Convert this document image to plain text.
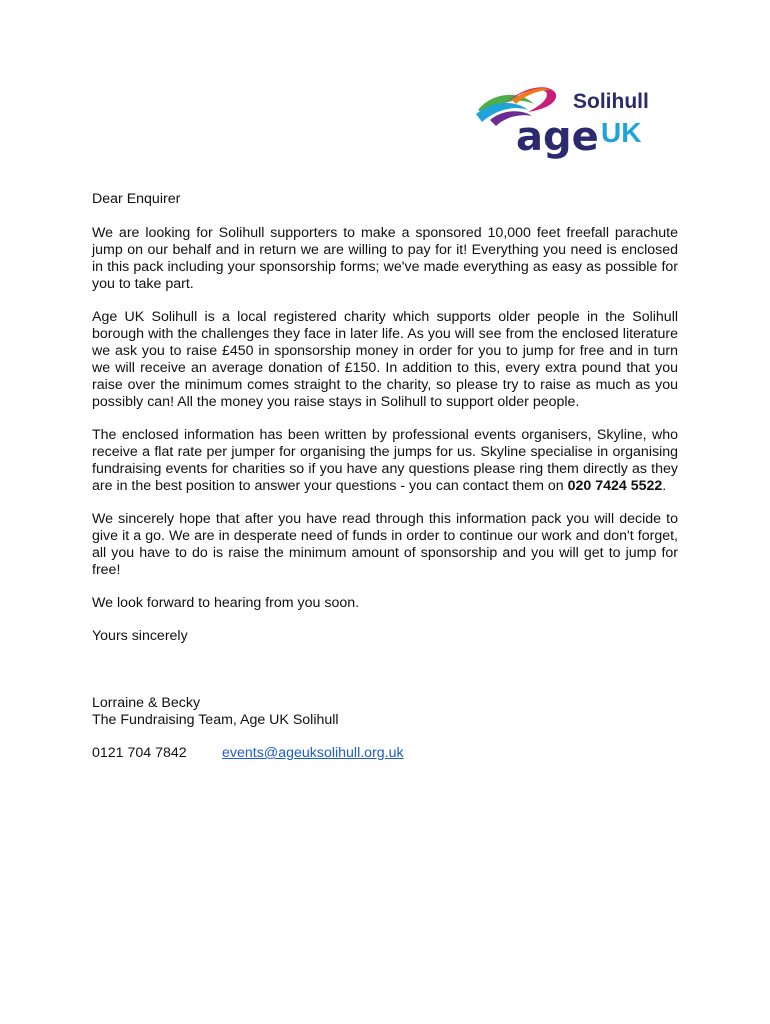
Solihull
age UK

Dear Enquirer

We are looking for Solihull supporters to make a sponsored 10,000 feet freefall parachute jump on our behalf and in return we are willing to pay for it! Everything you need is enclosed in this pack including your sponsorship forms; we've made everything as easy as possible for you to take part.

Age UK Solihull is a local registered charity which supports older people in the Solihull borough with the challenges they face in later life. As you will see from the enclosed literature we ask you to raise £450 in sponsorship money in order for you to jump for free and in turn we will receive an average donation of £150. In addition to this, every extra pound that you raise over the minimum comes straight to the charity, so please try to raise as much as you possibly can! All the money you raise stays in Solihull to support older people.

The enclosed information has been written by professional events organisers, Skyline, who receive a flat rate per jumper for organising the jumps for us. Skyline specialise in organising fundraising events for charities so if you have any questions please ring them directly as they are in the best position to answer your questions - you can contact them on 020 7424 5522.

We sincerely hope that after you have read through this information pack you will decide to give it a go. We are in desperate need of funds in order to continue our work and don't forget, all you have to do is raise the minimum amount of sponsorship and you will get to jump for free!

We look forward to hearing from you soon.

Yours sincerely

Lorraine & Becky

The Fundraising Team, Age UK Solihull

0121 704 7842	events@ageuksolihull.org.uk
